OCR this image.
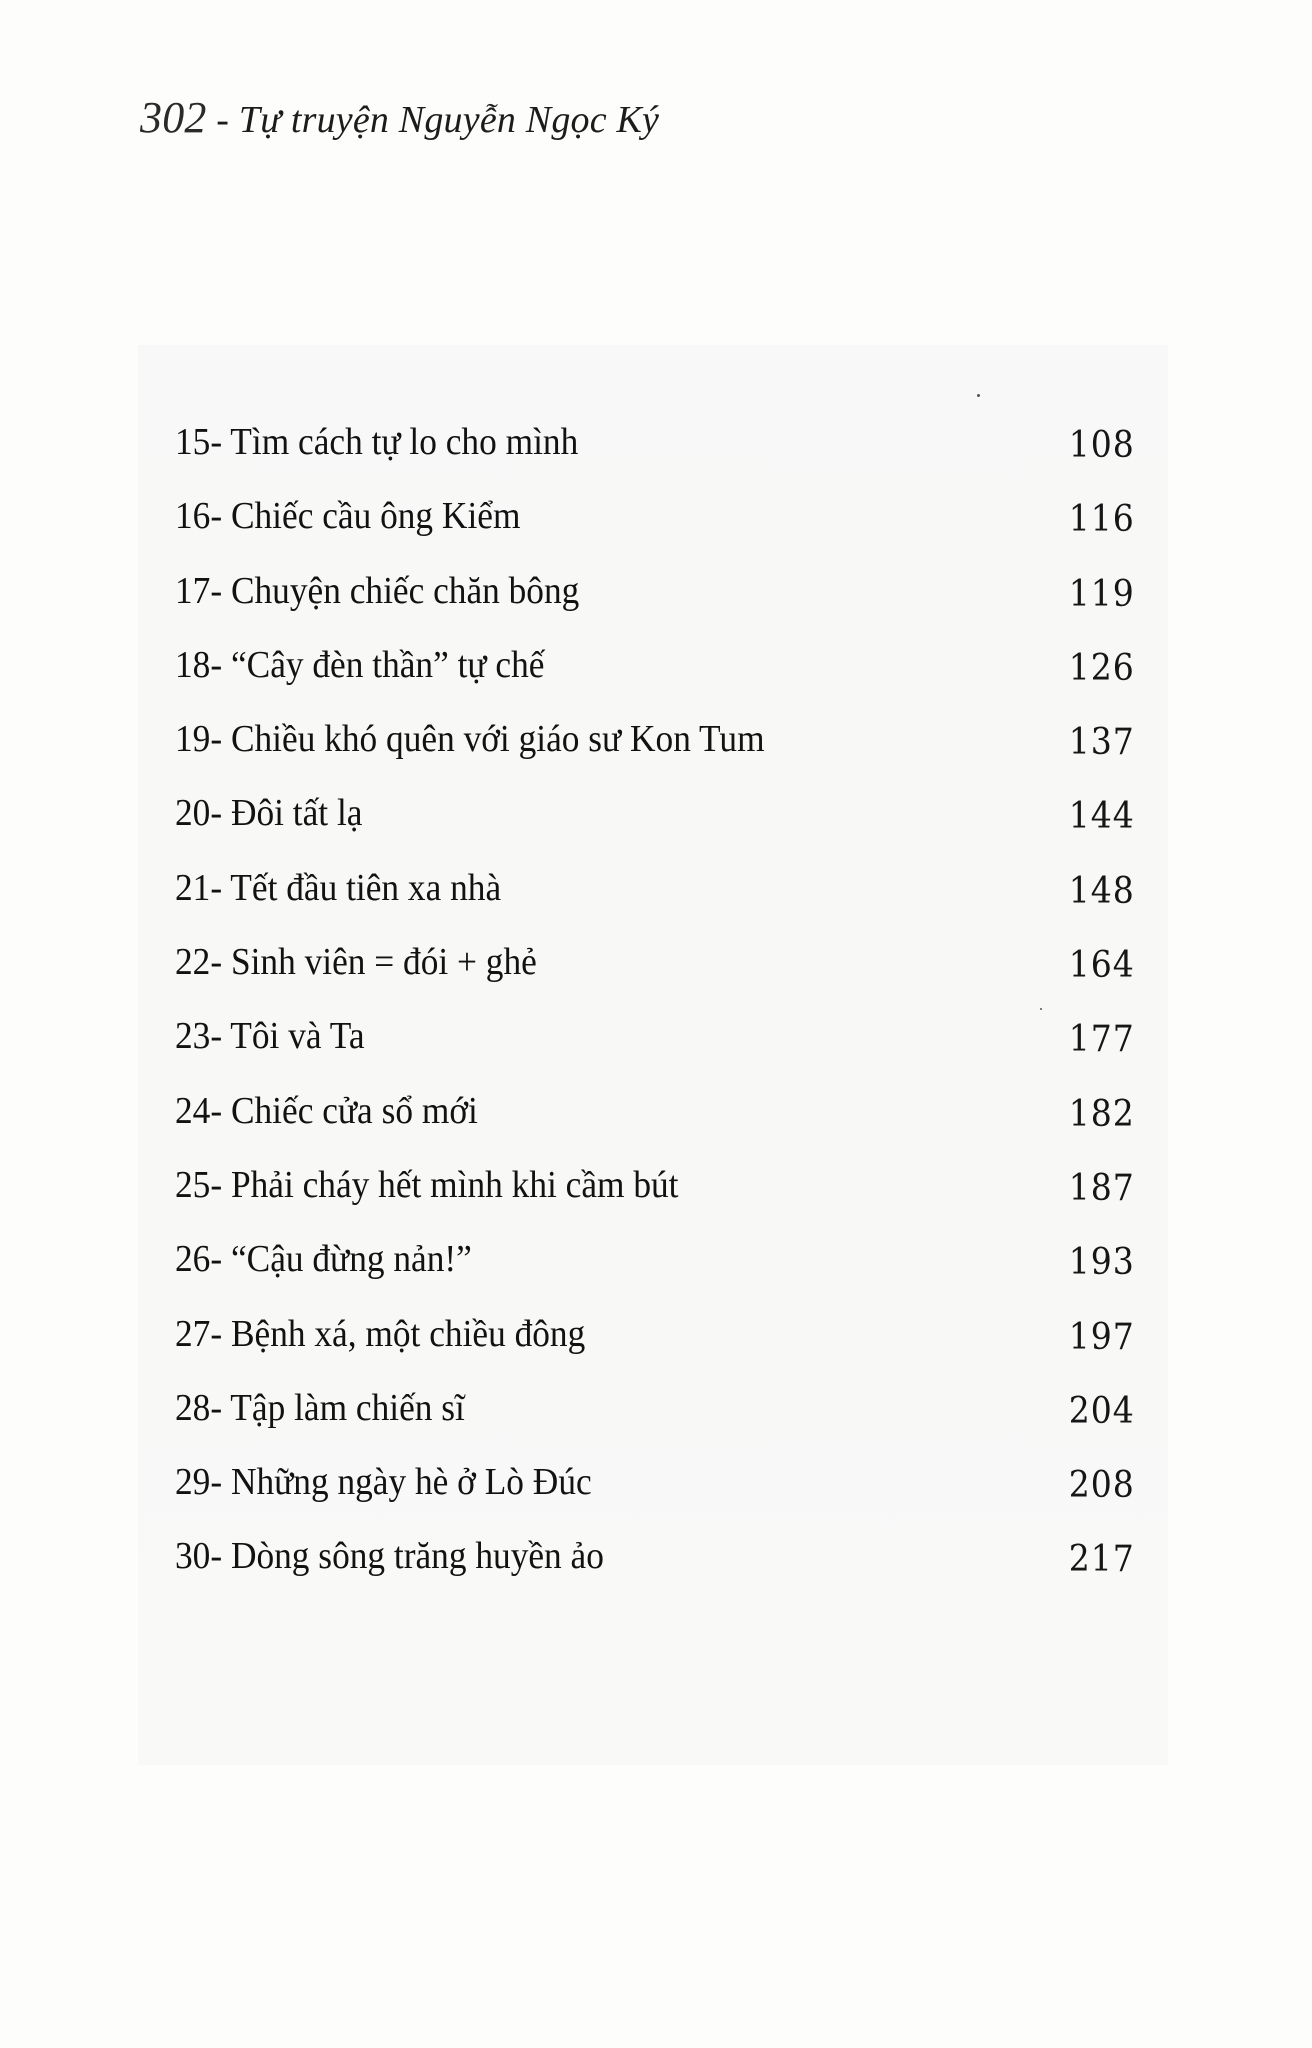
302 - Tự truyện Nguyễn Ngọc Ký
15- Tìm cách tự lo cho mình	108
16- Chiếc cầu ông Kiểm	116
17- Chuyện chiếc chăn bông	119
18- “Cây đèn thần” tự chế	126
19- Chiều khó quên với giáo sư Kon Tum	137
20- Đôi tất lạ	144
21- Tết đầu tiên xa nhà	148
22- Sinh viên = đói + ghẻ	164
23- Tôi và Ta	177
24- Chiếc cửa sổ mới	182
25- Phải cháy hết mình khi cầm bút	187
26- “Cậu đừng nản!”	193
27- Bệnh xá, một chiều đông	197
28- Tập làm chiến sĩ	204
29- Những ngày hè ở Lò Đúc	208
30- Dòng sông trăng huyền ảo	217
